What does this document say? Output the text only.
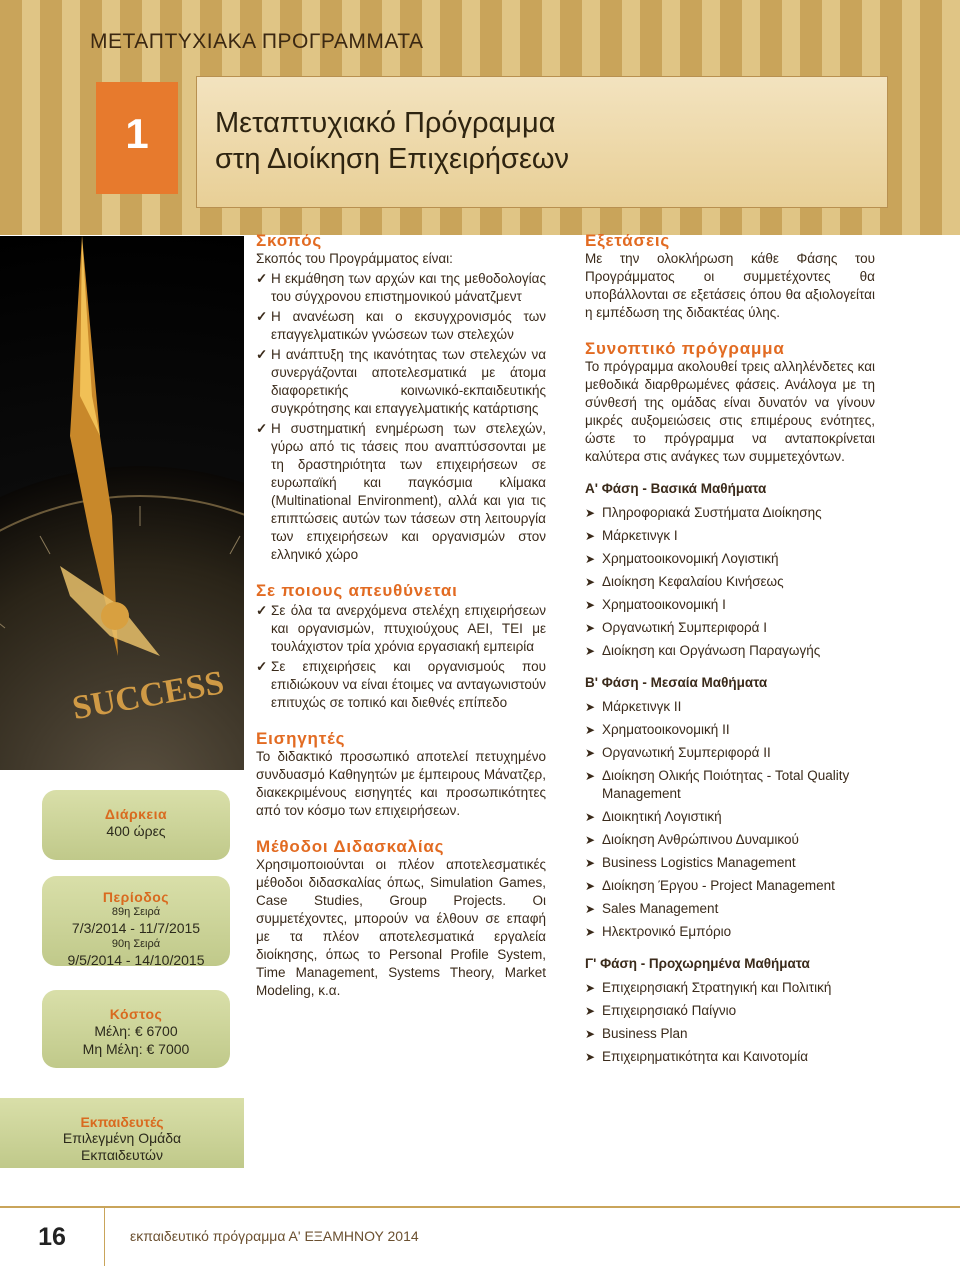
ΜΕΤΑΠΤΥΧΙΑΚΑ ΠΡΟΓΡΑΜΜΑΤΑ
Μεταπτυχιακό Πρόγραμμα
στη Διοίκηση Επιχειρήσεων
1
SUCCESS
Διάρκεια
400 ώρες
Περίοδος
89η Σειρά
7/3/2014 - 11/7/2015
90η Σειρά
9/5/2014 - 14/10/2015
Κόστος
Μέλη: € 6700
Μη Μέλη: € 7000
Εκπαιδευτές
Επιλεγμένη Ομάδα
Εκπαιδευτών
Σκοπός

Σκοπός του Προγράμματος είναι:

✓ Η εκμάθηση των αρχών και της μεθοδολογίας του σύγχρονου επιστημονικού μάνατζμεντ
✓ Η ανανέωση και ο εκσυγχρονισμός των επαγγελματικών γνώσεων των στελεχών
✓ Η ανάπτυξη της ικανότητας των στελεχών να συνεργάζονται αποτελεσματικά με άτομα διαφορετικής κοινωνικό-εκπαιδευτικής συγκρότησης και επαγγελματικής κατάρτισης
✓ Η συστηματική ενημέρωση των στελεχών, γύρω από τις τάσεις που αναπτύσσονται με τη δραστηριότητα των επιχειρήσεων σε ευρωπαϊκή και παγκόσμια κλίμακα (Multinational Environment), αλλά και για τις επιπτώσεις αυτών των τάσεων στη λειτουργία των επιχειρήσεων και οργανισμών στον ελληνικό χώρο
Σε ποιους απευθύνεται
✓ Σε όλα τα ανερχόμενα στελέχη επιχειρήσεων και οργανισμών, πτυχιούχους ΑΕΙ, ΤΕΙ με τουλάχιστον τρία χρόνια εργασιακή εμπειρία
✓ Σε επιχειρήσεις και οργανισμούς που επιδιώκουν να είναι έτοιμες να ανταγωνιστούν επιτυχώς σε τοπικό και διεθνές επίπεδο
Εισηγητές

Το διδακτικό προσωπικό αποτελεί πετυχημένο συνδυασμό Καθηγητών με έμπειρους Μάνατζερ, διακεκριμένους εισηγητές και προσωπικότητες από τον κόσμο των επιχειρήσεων.

Μέθοδοι Διδασκαλίας

Χρησιμοποιούνται οι πλέον αποτελεσματικές μέθοδοι διδασκαλίας όπως, Simulation Games, Case Studies, Group Projects. Οι συμμετέχοντες, μπορούν να έλθουν σε επαφή με τα πλέον αποτελεσματικά εργαλεία διοίκησης, όπως το Personal Profile System, Time Management, Systems Theory, Market Modeling, κ.α.

Εξετάσεις

Με την ολοκλήρωση κάθε Φάσης του Προγράμματος οι συμμετέχοντες θα υποβάλλονται σε εξετάσεις όπου θα αξιολογείται η εμπέδωση της διδακτέας ύλης.

Συνοπτικό πρόγραμμα

Το πρόγραμμα ακολουθεί τρεις αλληλένδετες και μεθοδικά διαρθρωμένες φάσεις. Ανάλογα με τη σύνθεσή της ομάδας είναι δυνατόν να γίνουν μικρές αυξομειώσεις στις επιμέρους ενότητες, ώστε το πρόγραμμα να ανταποκρίνεται καλύτερα στις ανάγκες των συμμετεχόντων.

Α' Φάση - Βασικά Μαθήματα
➤ Πληροφοριακά Συστήματα Διοίκησης
➤ Μάρκετινγκ Ι
➤ Χρηματοοικονομική Λογιστική
➤ Διοίκηση Κεφαλαίου Κινήσεως
➤ Χρηματοοικονομική Ι
➤ Οργανωτική Συμπεριφορά Ι
➤ Διοίκηση και Οργάνωση Παραγωγής
Β' Φάση - Μεσαία Μαθήματα
➤ Μάρκετινγκ ΙΙ
➤ Χρηματοοικονομική ΙΙ
➤ Οργανωτική Συμπεριφορά ΙΙ
➤ Διοίκηση Ολικής Ποιότητας - Total Quality Management
➤ Διοικητική Λογιστική
➤ Διοίκηση Ανθρώπινου Δυναμικού
➤ Business Logistics Management
➤ Διοίκηση Έργου - Project Management
➤ Sales Management
➤ Ηλεκτρονικό Εμπόριο
Γ' Φάση - Προχωρημένα Μαθήματα
➤ Επιχειρησιακή Στρατηγική και Πολιτική
➤ Επιχειρησιακό Παίγνιο
➤ Business Plan
➤ Επιχειρηματικότητα και Καινοτομία
16	εκπαιδευτικό πρόγραμμα Α' ΕΞΑΜΗΝΟΥ 2014
